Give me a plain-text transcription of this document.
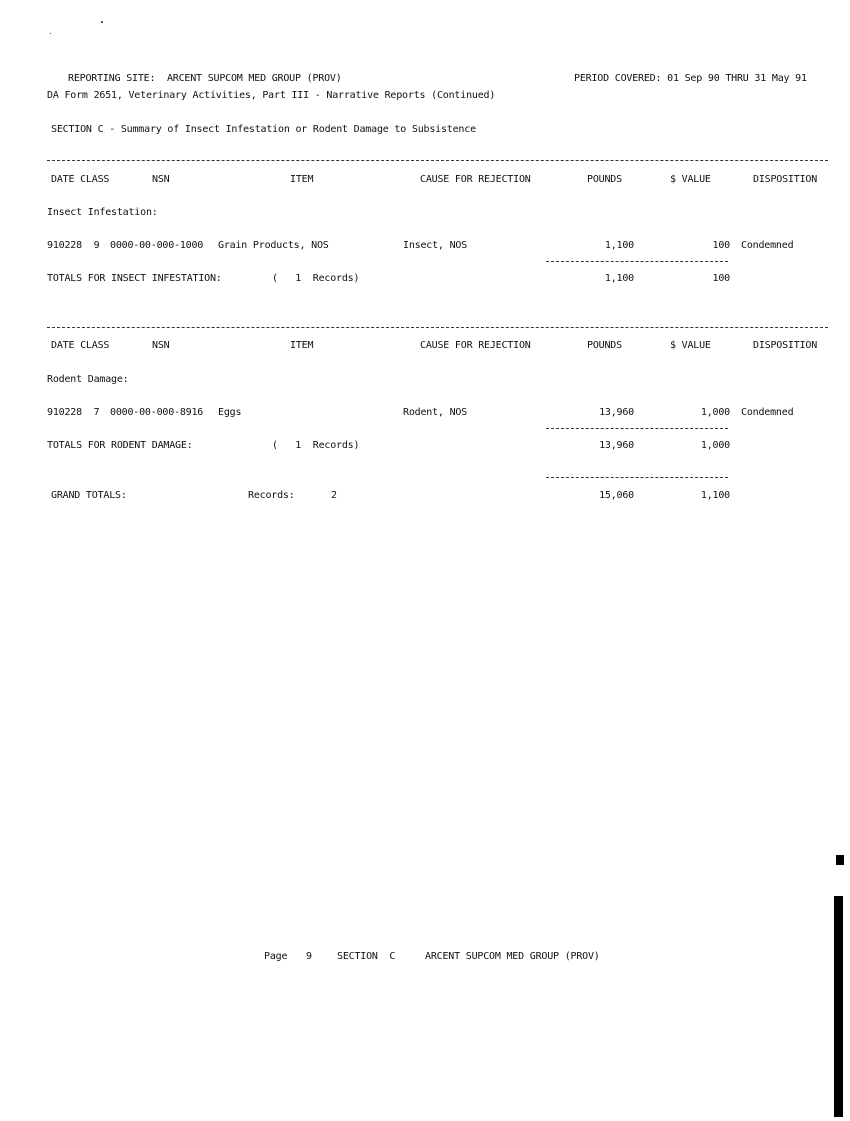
REPORTING SITE:  ARCENT SUPCOM MED GROUP (PROV)	PERIOD COVERED: 01 Sep 90 THRU 31 May 91
DA Form 2651, Veterinary Activities, Part III - Narrative Reports (Continued)
SECTION C - Summary of Insect Infestation or Rodent Damage to Subsistence
DATE CLASS	NSN	ITEM	CAUSE FOR REJECTION	POUNDS	$ VALUE	DISPOSITION
Insect Infestation:
910228  9 0000-00-000-1000 Grain Products, NOS	Insect, NOS	1,100	100 Condemned
TOTALS FOR INSECT INFESTATION:	(   1  Records)	1,100	100
DATE CLASS	NSN	ITEM	CAUSE FOR REJECTION	POUNDS	$ VALUE	DISPOSITION
Rodent Damage:
910228  7 0000-00-000-8916 Eggs	Rodent, NOS	13,960	1,000 Condemned
TOTALS FOR RODENT DAMAGE:	(   1  Records)	13,960	1,000
GRAND TOTALS:	Records:	2	15,060	1,100
Page 9	SECTION  C	ARCENT SUPCOM MED GROUP (PROV)
